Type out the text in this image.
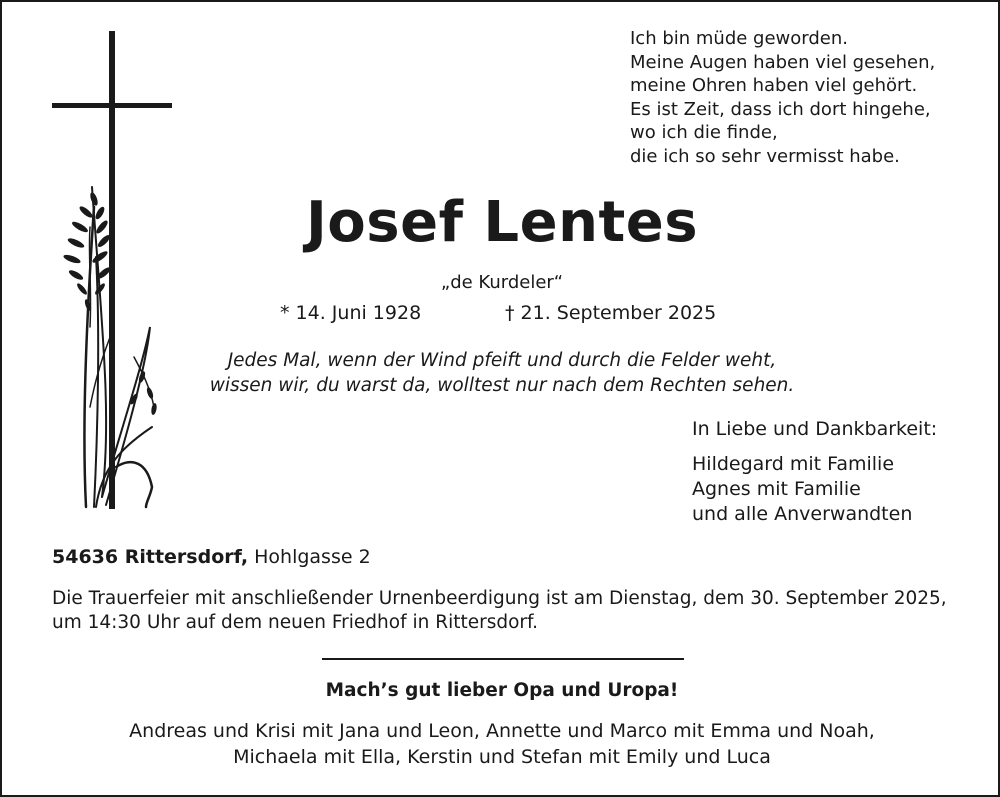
Ich bin müde geworden.
Meine Augen haben viel gesehen,
meine Ohren haben viel gehört.
Es ist Zeit, dass ich dort hingehe,
wo ich die finde,
die ich so sehr vermisst habe.
Josef Lentes
„de Kurdeler“
* 14. Juni 1928	† 21. September 2025
Jedes Mal, wenn der Wind pfeift und durch die Felder weht,
wissen wir, du warst da, wolltest nur nach dem Rechten sehen.
In Liebe und Dankbarkeit:
Hildegard mit Familie
Agnes mit Familie
und alle Anverwandten
54636 Rittersdorf, Hohlgasse 2
Die Trauerfeier mit anschließender Urnenbeerdigung ist am Dienstag, dem 30. September 2025,
um 14:30 Uhr auf dem neuen Friedhof in Rittersdorf.
Mach’s gut lieber Opa und Uropa!
Andreas und Krisi mit Jana und Leon, Annette und Marco mit Emma und Noah,
Michaela mit Ella, Kerstin und Stefan mit Emily und Luca
